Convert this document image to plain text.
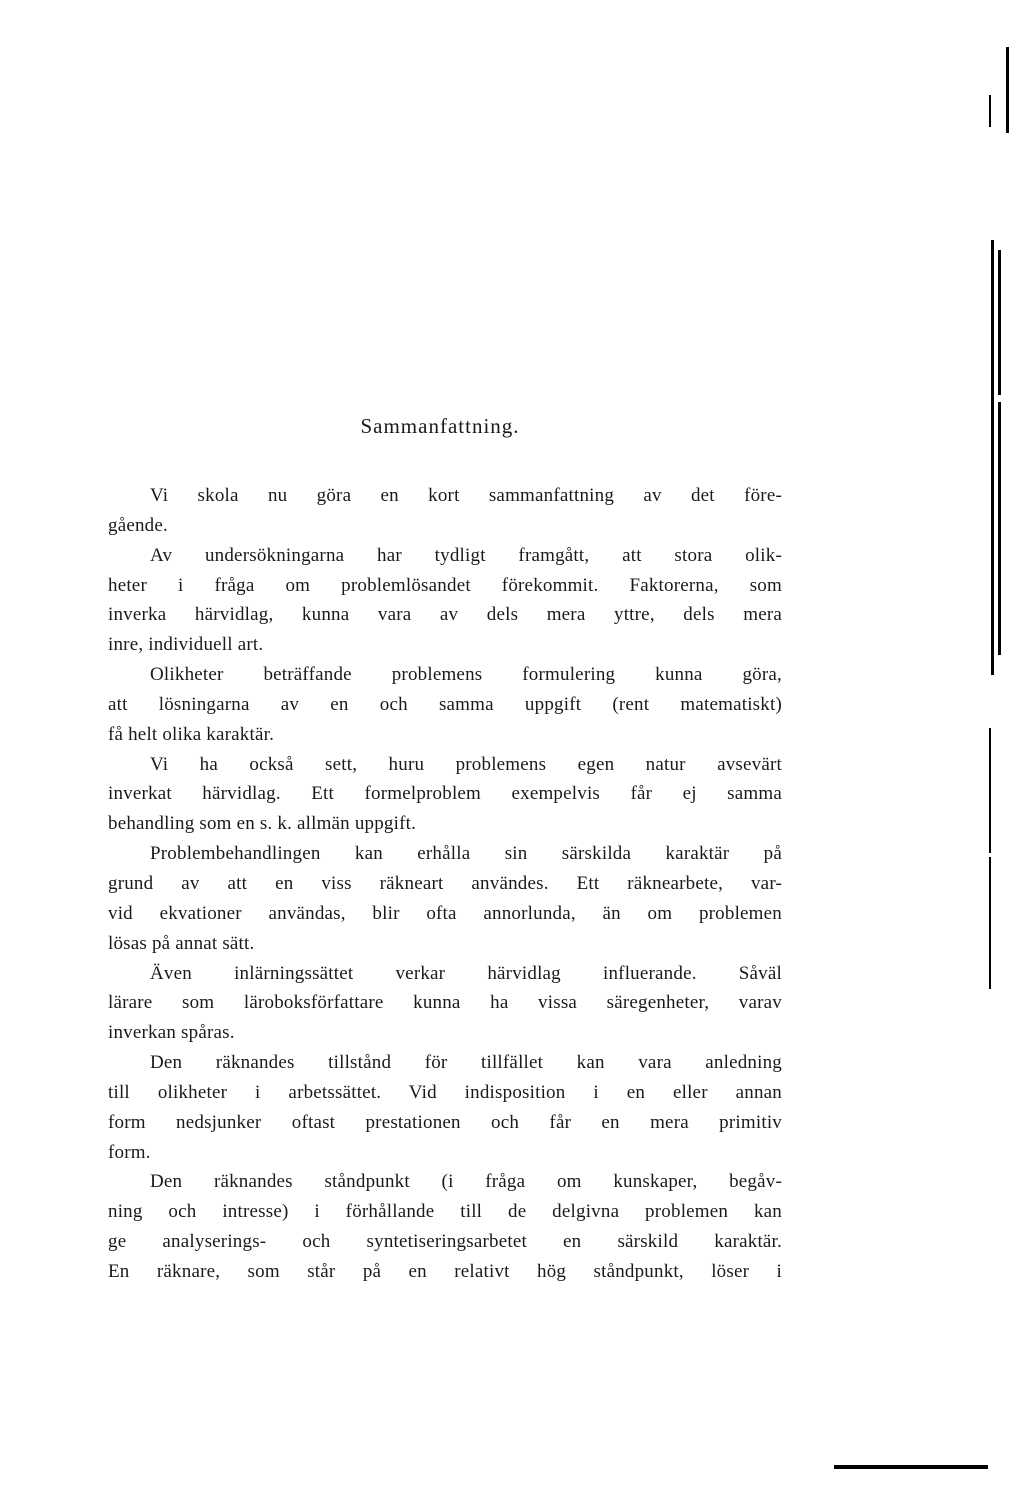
Sammanfattning.
Vi skola nu göra en kort sammanfattning av det före-
gående.
Av undersökningarna har tydligt framgått, att stora olik-
heter i fråga om problemlösandet förekommit. Faktorerna, som
inverka härvidlag, kunna vara av dels mera yttre, dels mera
inre, individuell art.
Olikheter beträffande problemens formulering kunna göra,
att lösningarna av en och samma uppgift (rent matematiskt)
få helt olika karaktär.
Vi ha också sett, huru problemens egen natur avsevärt
inverkat härvidlag. Ett formelproblem exempelvis får ej samma
behandling som en s. k. allmän uppgift.
Problembehandlingen kan erhålla sin särskilda karaktär på
grund av att en viss räkneart användes. Ett räknearbete, var-
vid ekvationer användas, blir ofta annorlunda, än om problemen
lösas på annat sätt.
Även inlärningssättet verkar härvidlag influerande. Såväl
lärare som läroboksförfattare kunna ha vissa säregenheter, varav
inverkan spåras.
Den räknandes tillstånd för tillfället kan vara anledning
till olikheter i arbetssättet. Vid indisposition i en eller annan
form nedsjunker oftast prestationen och får en mera primitiv
form.
Den räknandes ståndpunkt (i fråga om kunskaper, begåv-
ning och intresse) i förhållande till de delgivna problemen kan
ge analyserings- och syntetiseringsarbetet en särskild karaktär.
En räknare, som står på en relativt hög ståndpunkt, löser i
